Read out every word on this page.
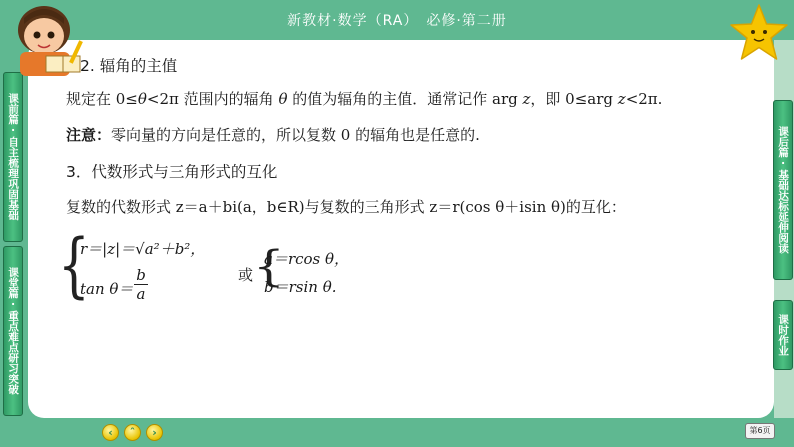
新教材·数学（RA）　必修·第二册
2. 辐角的主值
规定在 0≤θ<2π 范围内的辐角 θ 的值为辐角的主值．通常记作 arg z，即 0≤arg z<2π.
注意：零向量的方向是任意的，所以复数 0 的辐角也是任意的.
3．代数形式与三角形式的互化
复数的代数形式 z＝a＋bi(a，b∈R)与复数的三角形式 z＝r(cos θ＋isin θ)的互化：
{
r＝|z|＝√a²＋b²，
$\tan \theta= \frac{b}{a}$	或 {
a＝rcos θ，
b＝rsin θ.
课前篇·自主梳理巩固基础
课堂篇·重点难点研习突破
课后篇·基础达标延伸阅读
课时作业
‹	ˆ	›	第6页
